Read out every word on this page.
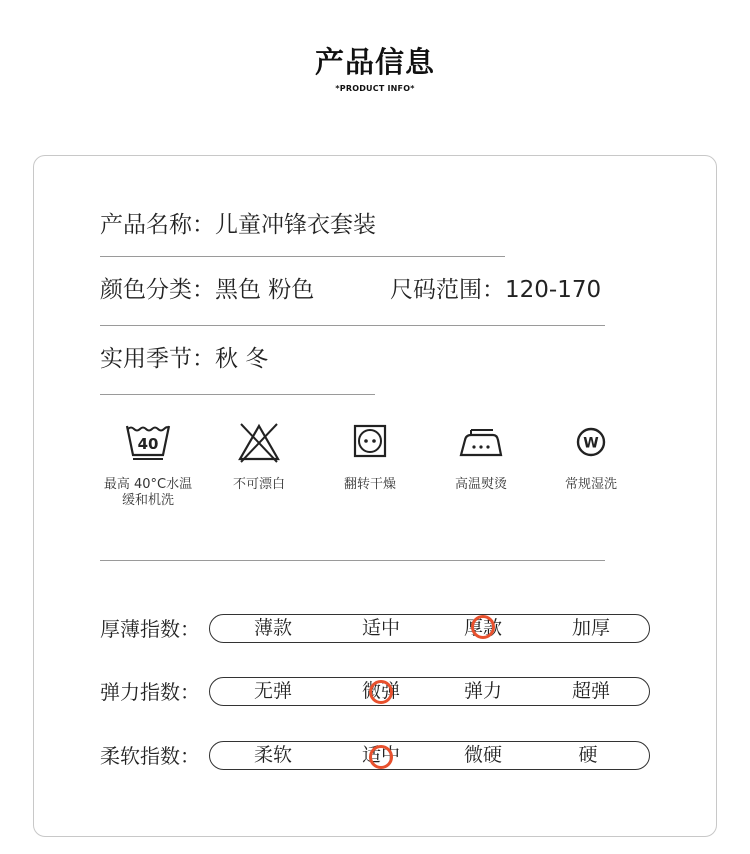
产品信息
*PRODUCT INFO*
产品名称：儿童冲锋衣套装
颜色分类：黑色 粉色	尺码范围：120-170
实用季节：秋 冬
40
最高 40°C水温
缓和机洗
不可漂白	翻转干燥	高温熨烫
W
常规湿洗
厚薄指数：	薄款	适中	厚款	加厚
弹力指数：	无弹	微弹	弹力	超弹
柔软指数：	柔软	适中	微硬	硬
